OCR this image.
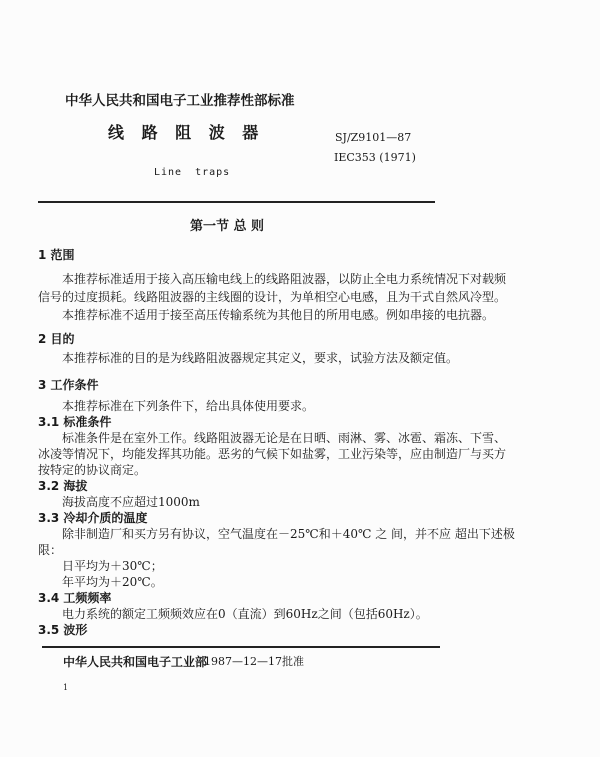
中华人民共和国电子工业推荐性部标准
线 路 阻 波 器	SJ/Z9101—87
IEC353 (1971)
Line traps
第一节 总 则
1 范围
本推荐标准适用于接入高压输电线上的线路阻波器，以防止全电力系统情况下对载频
信号的过度损耗。线路阻波器的主线圈的设计，为单相空心电感，且为干式自然风冷型。
本推荐标准不适用于接至高压传输系统为其他目的所用电感。例如串接的电抗器。
2 目的
本推荐标准的目的是为线路阻波器规定其定义，要求，试验方法及额定值。
3 工作条件
本推荐标准在下列条件下，给出具体使用要求。
3.1 标准条件
标准条件是在室外工作。线路阻波器无论是在日晒、雨淋、雾、冰雹、霜冻、下雪、
冰凌等情况下，均能发挥其功能。恶劣的气候下如盐雾，工业污染等，应由制造厂与买方
按特定的协议商定。
3.2 海拔
海拔高度不应超过1000m
3.3 冷却介质的温度
除非制造厂和买方另有协议，空气温度在－25℃和＋40℃ 之 间，并不应 超出下述极
限：
日平均为＋30℃；
年平均为＋20℃。
3.4 工频频率
电力系统的额定工频频效应在0（直流）到60Hz之间（包括60Hz）。
3.5 波形
中华人民共和国电子工业部
1987—12—17批准
1
